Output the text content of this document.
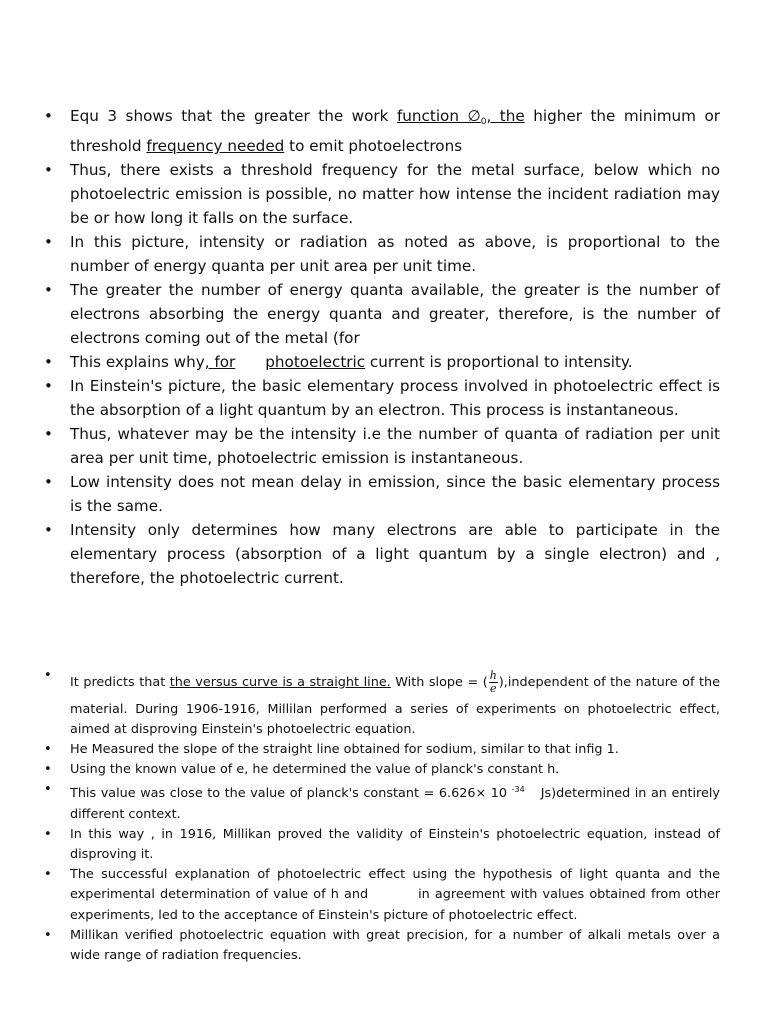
• Equ 3 shows that the greater the work function $\emptyset_0$, the higher the minimum or threshold frequency needed to emit photoelectrons
• Thus, there exists a threshold frequency for the metal surface, below which no photoelectric emission is possible, no matter how intense the incident radiation may be or how long it falls on the surface.
• In this picture, intensity or radiation as noted as above, is proportional to the number of energy quanta per unit area per unit time.
• The greater the number of energy quanta available, the greater is the number of electrons absorbing the energy quanta and greater, therefore, is the number of electrons coming out of the metal (for
• This explains why, for photoelectric current is proportional to intensity.
• In Einstein's picture, the basic elementary process involved in photoelectric effect is the absorption of a light quantum by an electron. This process is instantaneous.
• Thus, whatever may be the intensity i.e the number of quanta of radiation per unit area per unit time, photoelectric emission is instantaneous.
• Low intensity does not mean delay in emission, since the basic elementary process is the same.
• Intensity only determines how many electrons are able to participate in the elementary process (absorption of a light quantum by a single electron) and , therefore, the photoelectric current.
• It predicts that the versus curve is a straight line. With slope = ( $\frac{h}{e}$ ),independent of the nature of the material. During 1906-1916, Millilan performed a series of experiments on photoelectric effect, aimed at disproving Einstein's photoelectric equation.
• He Measured the slope of the straight line obtained for sodium, similar to that infig 1.
• Using the known value of e, he determined the value of planck's constant h.
• This value was close to the value of planck's constant = 6.626× 10 $^{-34}$ Js)determined in an entirely different context.
• In this way , in 1916, Millikan proved the validity of Einstein's photoelectric equation, instead of disproving it.
• The successful explanation of photoelectric effect using the hypothesis of light quanta and the experimental determination of value of h and	in agreement with values obtained from other experiments, led to the acceptance of Einstein's picture of photoelectric effect.
• Millikan verified photoelectric equation with great precision, for a number of alkali metals over a wide range of radiation frequencies.
